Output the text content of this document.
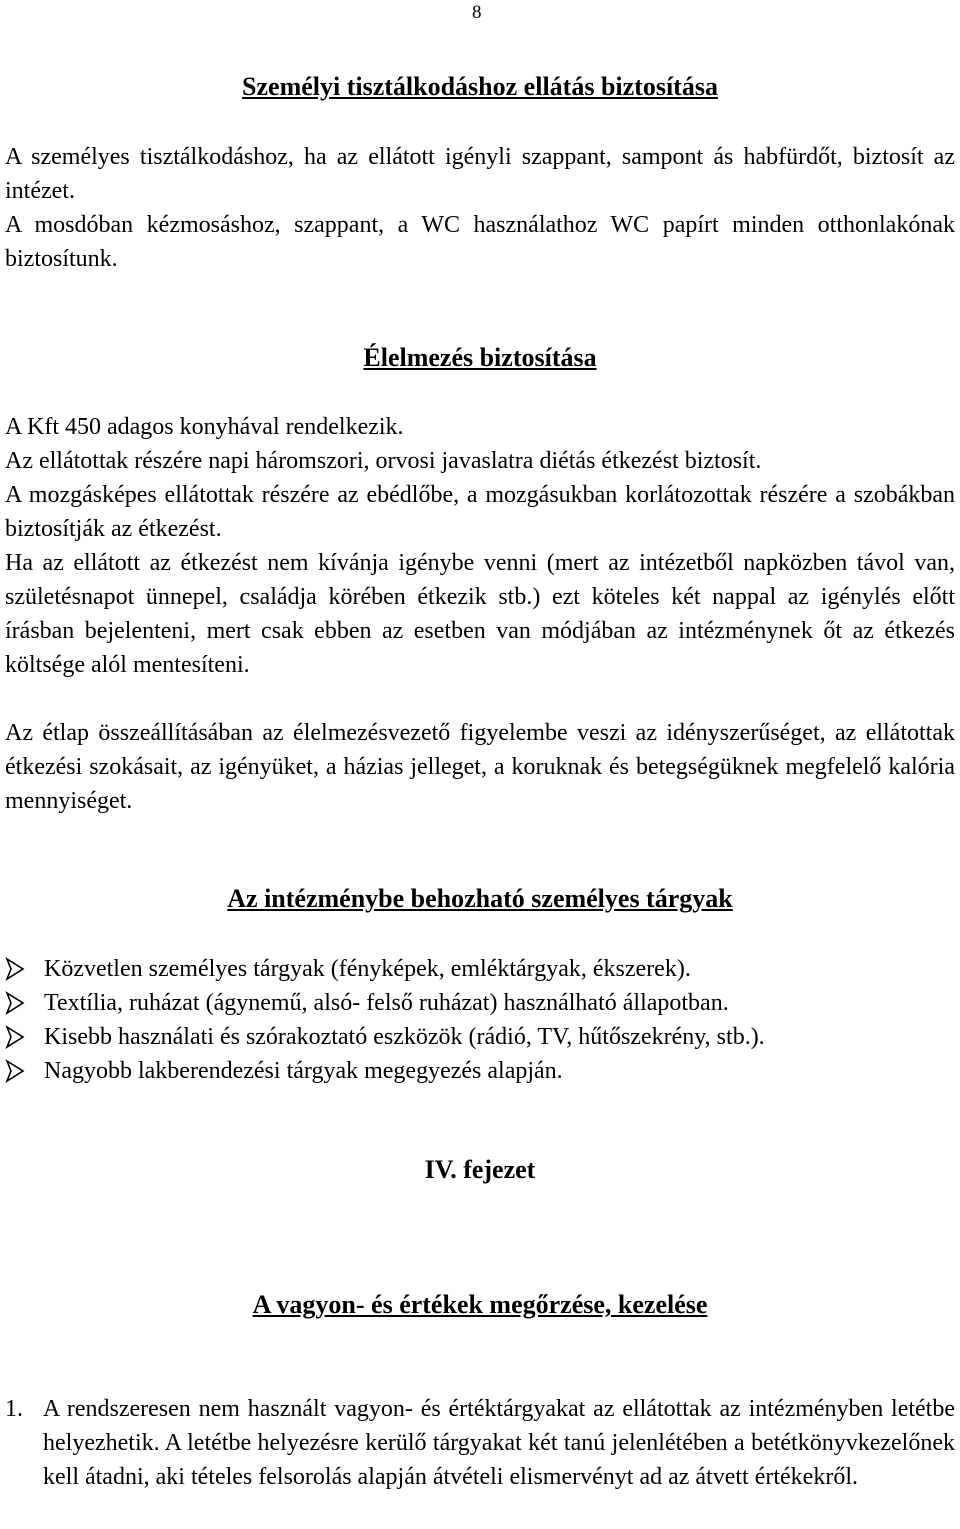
8
Személyi tisztálkodáshoz ellátás biztosítása

A személyes tisztálkodáshoz, ha az ellátott igényli szappant, sampont ás habfürdőt, biztosít az intézet.

A mosdóban kézmosáshoz, szappant, a WC használathoz WC papírt minden otthonlakónak biztosítunk.

Élelmezés biztosítása

A Kft 450 adagos konyhával rendelkezik.

Az ellátottak részére napi háromszori, orvosi javaslatra diétás étkezést biztosít.

A mozgásképes ellátottak részére az ebédlőbe, a mozgásukban korlátozottak részére a szobákban biztosítják az étkezést.

Ha az ellátott az étkezést nem kívánja igénybe venni (mert az intézetből napközben távol van, születésnapot ünnepel, családja körében étkezik stb.) ezt köteles két nappal az igénylés előtt írásban bejelenteni, mert csak ebben az esetben van módjában az intézménynek őt az étkezés költsége alól mentesíteni.

Az étlap összeállításában az élelmezésvezető figyelembe veszi az idényszerűséget, az ellátottak étkezési szokásait, az igényüket, a házias jelleget, a koruknak és betegségüknek megfelelő kalória mennyiséget.

Az intézménybe behozható személyes tárgyak
Közvetlen személyes tárgyak (fényképek, emléktárgyak, ékszerek).
Textília, ruházat (ágynemű, alsó- felső ruházat) használható állapotban.
Kisebb használati és szórakoztató eszközök (rádió, TV, hűtőszekrény, stb.).
Nagyobb lakberendezési tárgyak megegyezés alapján.
IV. fejezet
A vagyon- és értékek megőrzése, kezelése
1. A rendszeresen nem használt vagyon- és értéktárgyakat az ellátottak az intézményben letétbe helyezhetik. A letétbe helyezésre kerülő tárgyakat két tanú jelenlétében a betétkönyvkezelőnek kell átadni, aki tételes felsorolás alapján átvételi elismervényt ad az átvett értékekről.
